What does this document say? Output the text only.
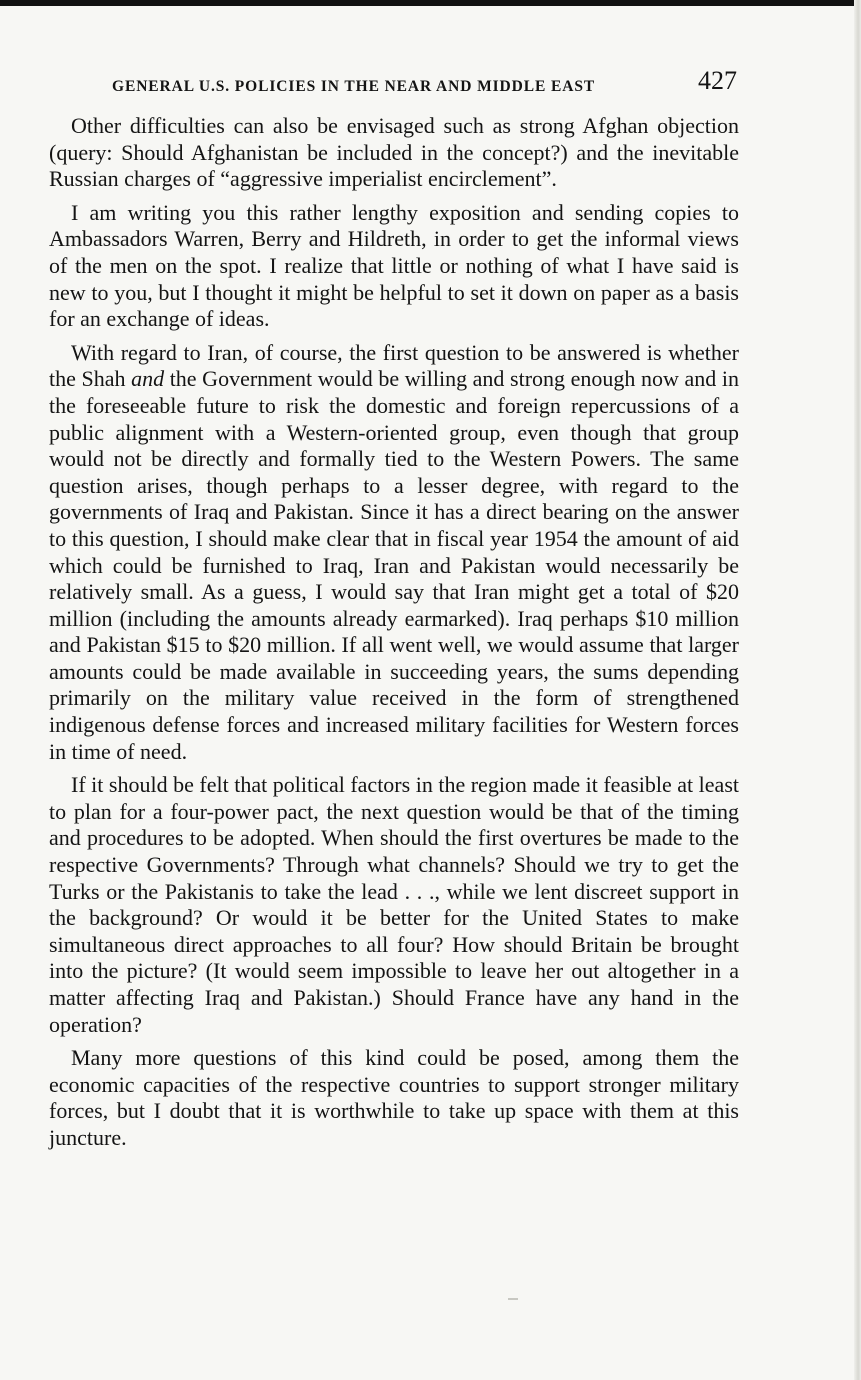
GENERAL U.S. POLICIES IN THE NEAR AND MIDDLE EAST	427

Other difficulties can also be envisaged such as strong Afghan objection (query: Should Afghanistan be included in the concept?) and the inevitable Russian charges of “aggressive imperialist encirclement”.

I am writing you this rather lengthy exposition and sending copies to Ambassadors Warren, Berry and Hildreth, in order to get the informal views of the men on the spot. I realize that little or nothing of what I have said is new to you, but I thought it might be helpful to set it down on paper as a basis for an exchange of ideas.

With regard to Iran, of course, the first question to be answered is whether the Shah and the Government would be willing and strong enough now and in the foreseeable future to risk the domestic and foreign repercussions of a public alignment with a Western-oriented group, even though that group would not be directly and formally tied to the Western Powers. The same question arises, though perhaps to a lesser degree, with regard to the governments of Iraq and Pakistan. Since it has a direct bearing on the answer to this question, I should make clear that in fiscal year 1954 the amount of aid which could be furnished to Iraq, Iran and Pakistan would necessarily be relatively small. As a guess, I would say that Iran might get a total of $20 million (including the amounts already earmarked). Iraq perhaps $10 million and Pakistan $15 to $20 million. If all went well, we would assume that larger amounts could be made available in succeeding years, the sums depending primarily on the military value received in the form of strengthened indigenous defense forces and increased military facilities for Western forces in time of need.

If it should be felt that political factors in the region made it feasible at least to plan for a four-power pact, the next question would be that of the timing and procedures to be adopted. When should the first overtures be made to the respective Governments? Through what channels? Should we try to get the Turks or the Pakistanis to take the lead . . ., while we lent discreet support in the background? Or would it be better for the United States to make simultaneous direct approaches to all four? How should Britain be brought into the picture? (It would seem impossible to leave her out altogether in a matter affecting Iraq and Pakistan.) Should France have any hand in the operation?

Many more questions of this kind could be posed, among them the economic capacities of the respective countries to support stronger military forces, but I doubt that it is worthwhile to take up space with them at this juncture.
